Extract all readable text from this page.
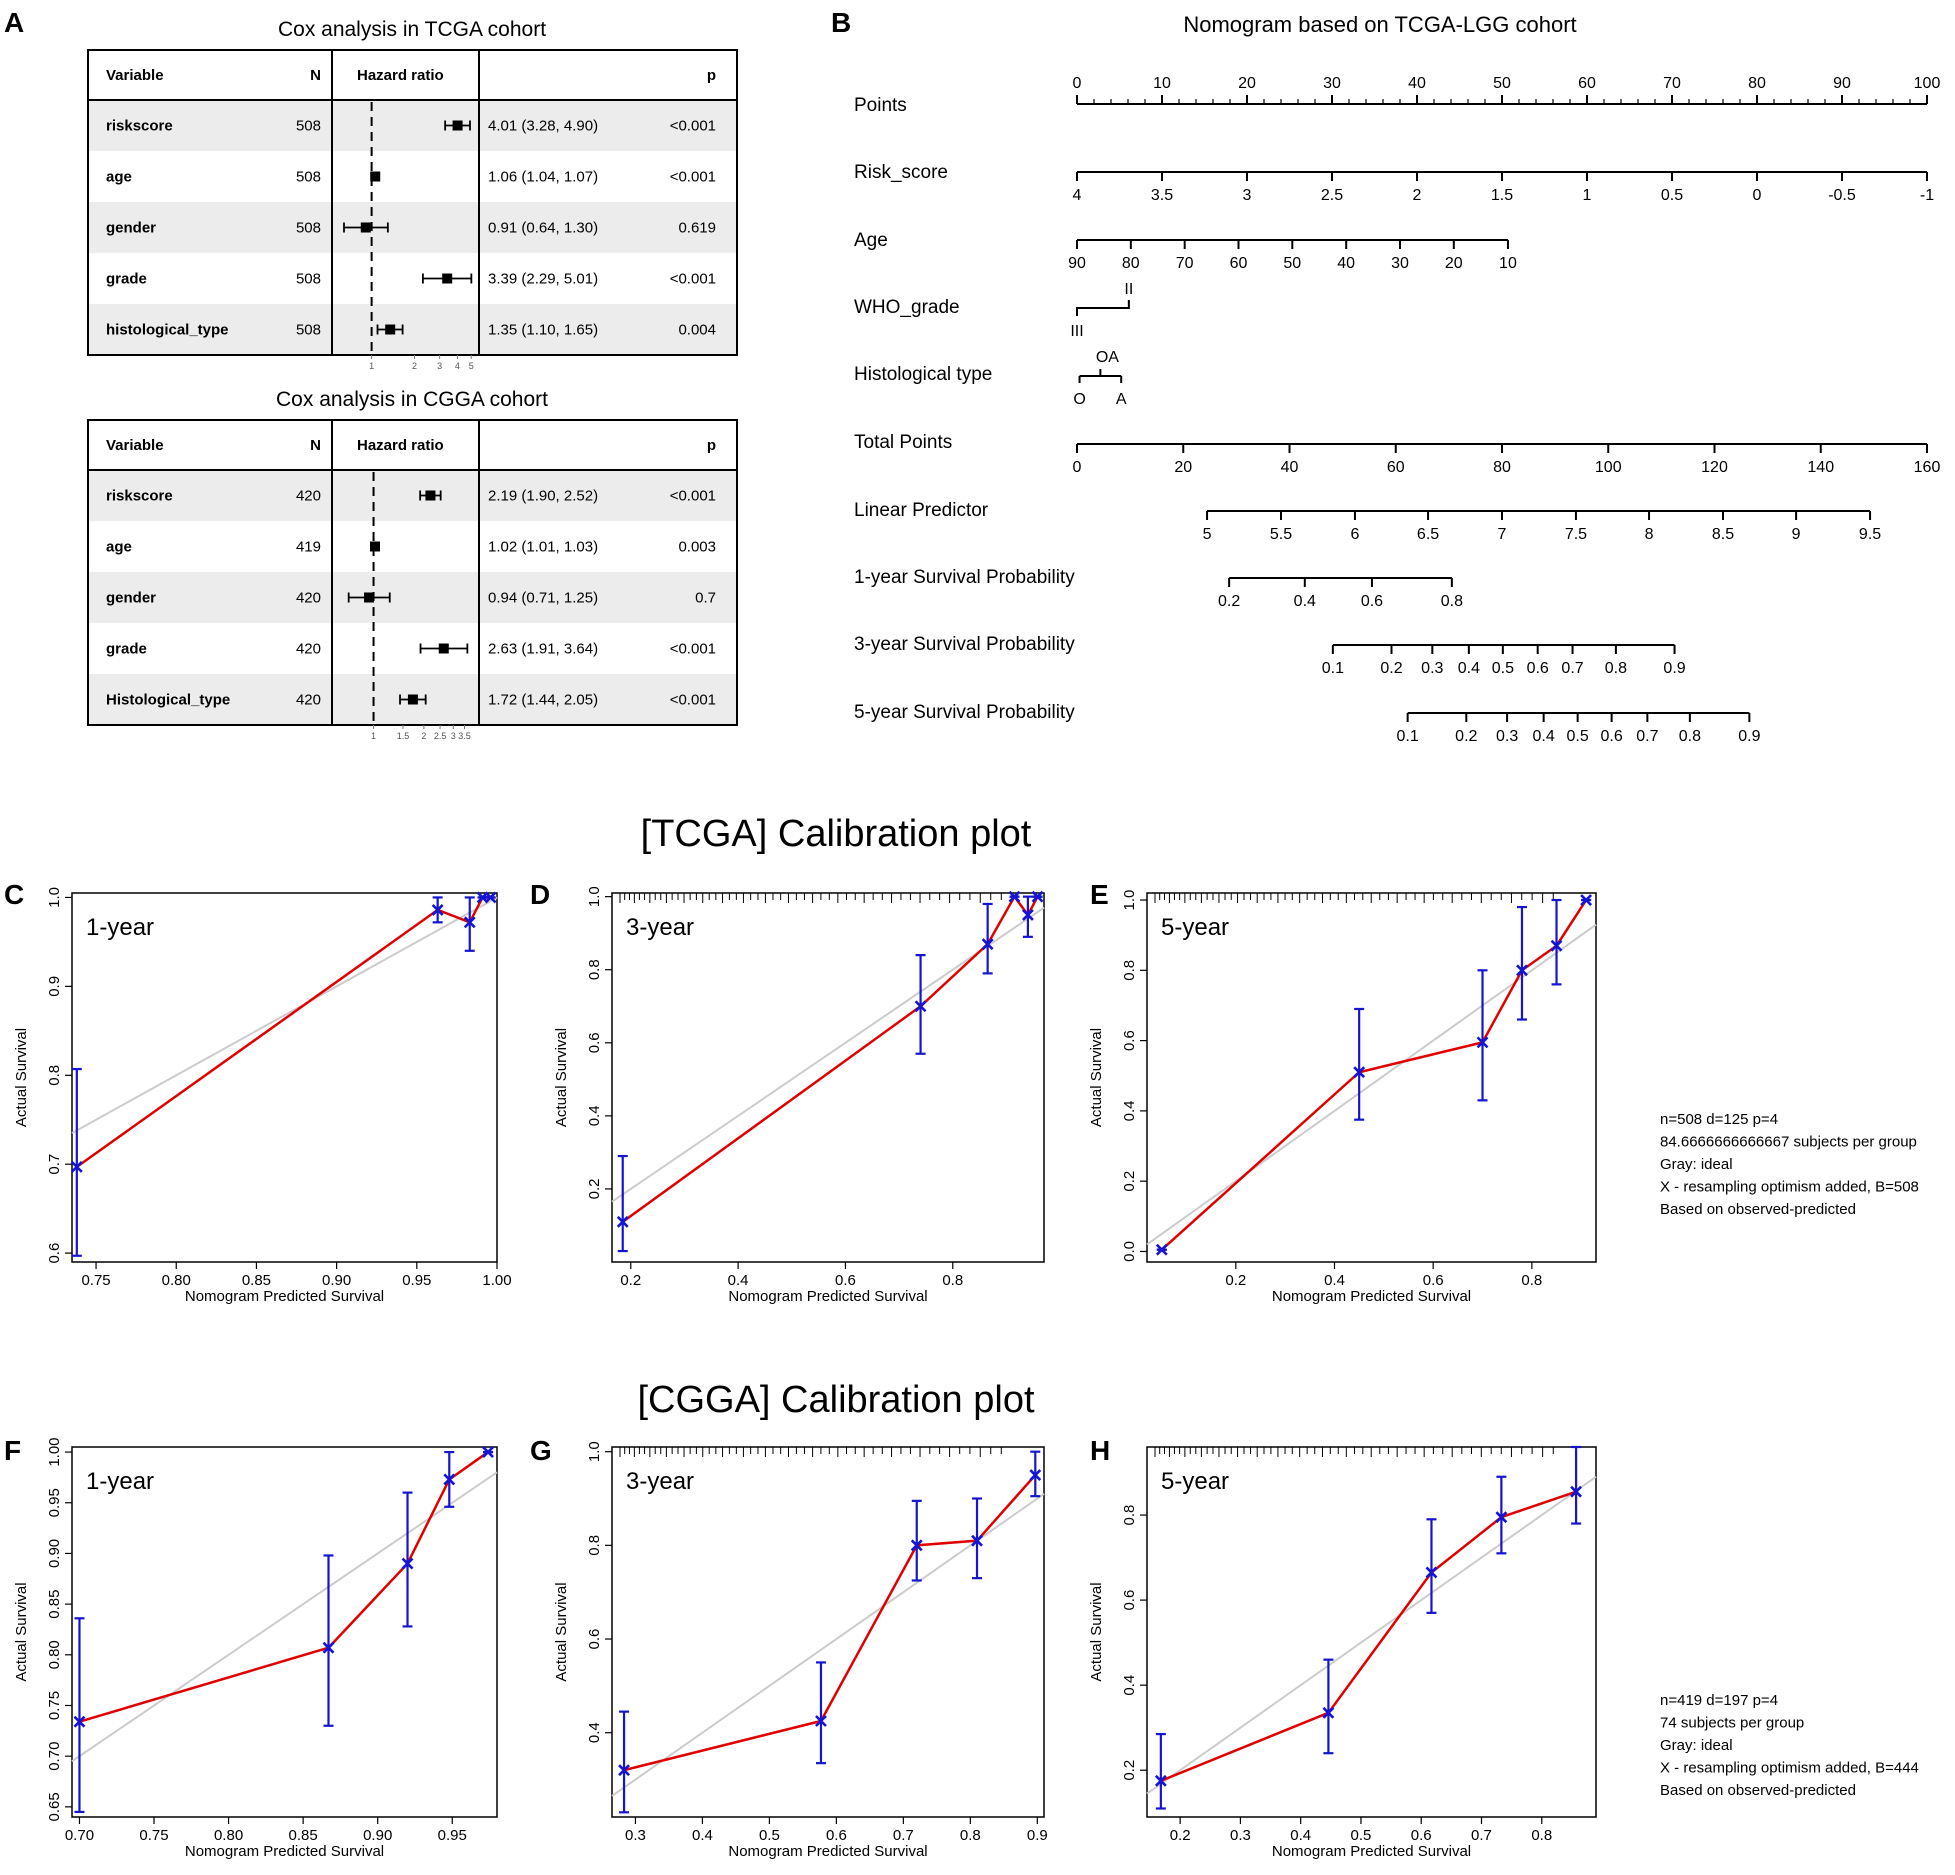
A	B
C	D	E
F	G	H
Cox analysis in TCGA cohort
Variable	N Hazard ratio	p
riskscore	508	4.01 (3.28, 4.90)	<0.001
age	508	1.06 (1.04, 1.07)	<0.001
gender	508	0.91 (0.64, 1.30)	0.619
grade	508	3.39 (2.29, 5.01)	<0.001
histological_type	508	1.35 (1.10, 1.65)	0.004
1	2 3 4 5
Cox analysis in CGGA cohort
Variable	N Hazard ratio	p
riskscore	420	2.19 (1.90, 2.52)	<0.001
age	419	1.02 (1.01, 1.03)	0.003
gender	420	0.94 (0.71, 1.25)	0.7
grade	420	2.63 (1.91, 3.64)	<0.001
Histological_type	420	1.72 (1.44, 2.05)	<0.001
1 1.5 2 2.5 3 3.5
Nomogram based on TCGA-LGG cohort
Points
0	10	20	30	40	50	60	70	80	90	100
Risk_score
4	3.5	3	2.5	2	1.5	1	0.5	0	-0.5	-1
Age
90 80 70 60 50 40 30 20 10
WHO_grade
II
III
Histological type
OA
O A
Total Points
0	20	40	60	80	100	120	140	160
Linear Predictor
5	5.5	6	6.5	7	7.5	8	8.5	9	9.5
1-year Survival Probability
0.2	0.4	0.6	0.8
3-year Survival Probability
0.1 0.2 0.3 0.4 0.5 0.6 0.7 0.8 0.9
5-year Survival Probability
0.1 0.2 0.3 0.4 0.5 0.6 0.7 0.8 0.9
[TCGA] Calibration plot
[CGGA] Calibration plot
0.75	0.80	0.85	0.90	0.95	1.00
0.6
0.7
0.8
0.9
1.0
Nomogram Predicted Survival
Actual Survival
1-year
0.2	0.4	0.6	0.8
0.2
0.4
0.6
0.8
1.0
Nomogram Predicted Survival
Actual Survival
3-year
0.2	0.4	0.6	0.8
0.0
0.2
0.4
0.6
0.8
1.0
Nomogram Predicted Survival
Actual Survival
5-year
0.70	0.75	0.80	0.85	0.90	0.95
0.65
0.70
0.75
0.80
0.85
0.90
0.95
1.00
Nomogram Predicted Survival
Actual Survival
1-year
0.3	0.4	0.5	0.6	0.7	0.8	0.9
0.4
0.6
0.8
1.0
Nomogram Predicted Survival
Actual Survival
3-year
0.2	0.3	0.4	0.5	0.6	0.7	0.8
0.2
0.4
0.6
0.8
Nomogram Predicted Survival
Actual Survival
5-year
n=508 d=125 p=4
84.6666666666667 subjects per group
Gray: ideal
X - resampling optimism added, B=508
Based on observed-predicted
n=419 d=197 p=4
74 subjects per group
Gray: ideal
X - resampling optimism added, B=444
Based on observed-predicted
